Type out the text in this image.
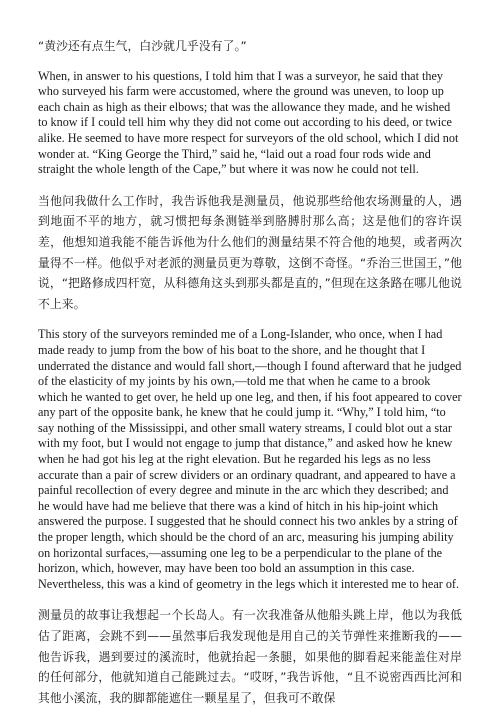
“黄沙还有点生气，白沙就几乎没有了。”

When, in answer to his questions, I told him that I was a surveyor, he said that they who surveyed his farm were accustomed, where the ground was uneven, to loop up each chain as high as their elbows; that was the allowance they made, and he wished to know if I could tell him why they did not come out according to his deed, or twice alike. He seemed to have more respect for surveyors of the old school, which I did not wonder at. “King George the Third,” said he, “laid out a road four rods wide and straight the whole length of the Cape,” but where it was now he could not tell.

当他问我做什么工作时，我告诉他我是测量员，他说那些给他农场测量的人，遇到地面不平的地方，就习惯把每条测链举到胳膊肘那么高；这是他们的容许误差，他想知道我能不能告诉他为什么他们的测量结果不符合他的地契，或者两次量得不一样。他似乎对老派的测量员更为尊敬，这倒不奇怪。“乔治三世国王，”他说，“把路修成四杆宽，从科德角这头到那头都是直的，”但现在这条路在哪儿他说不上来。

This story of the surveyors reminded me of a Long-Islander, who once, when I had made ready to jump from the bow of his boat to the shore, and he thought that I underrated the distance and would fall short,—though I found afterward that he judged of the elasticity of my joints by his own,—told me that when he came to a brook which he wanted to get over, he held up one leg, and then, if his foot appeared to cover any part of the opposite bank, he knew that he could jump it. “Why,” I told him, “to say nothing of the Mississippi, and other small watery streams, I could blot out a star with my foot, but I would not engage to jump that distance,” and asked how he knew when he had got his leg at the right elevation. But he regarded his legs as no less accurate than a pair of screw dividers or an ordinary quadrant, and appeared to have a painful recollection of every degree and minute in the arc which they described; and he would have had me believe that there was a kind of hitch in his hip-joint which answered the purpose. I suggested that he should connect his two ankles by a string of the proper length, which should be the chord of an arc, measuring his jumping ability on horizontal surfaces,—assuming one leg to be a perpendicular to the plane of the horizon, which, however, may have been too bold an assumption in this case. Nevertheless, this was a kind of geometry in the legs which it interested me to hear of.

测量员的故事让我想起一个长岛人。有一次我准备从他船头跳上岸，他以为我低估了距离，会跳不到——虽然事后我发现他是用自己的关节弹性来推断我的——他告诉我，遇到要过的溪流时，他就抬起一条腿，如果他的脚看起来能盖住对岸的任何部分，他就知道自己能跳过去。“哎呀，”我告诉他，“且不说密西西比河和其他小溪流，我的脚都能遮住一颗星星了，但我可不敢保
